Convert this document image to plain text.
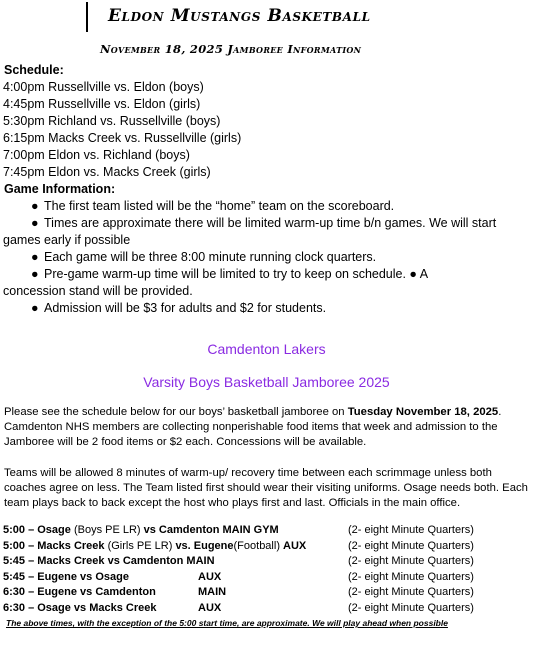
Eldon Mustangs Basketball
November 18, 2025 Jamboree Information
Schedule:
4:00pm Russellville vs. Eldon (boys)
4:45pm Russellville vs. Eldon (girls)
5:30pm Richland vs. Russellville (boys)
6:15pm Macks Creek vs. Russellville (girls)
7:00pm Eldon vs. Richland (boys)
7:45pm Eldon vs. Macks Creek (girls)
Game Information:
● The first team listed will be the “home” team on the scoreboard.
● Times are approximate there will be limited warm-up time b/n games. We will start
games early if possible
● Each game will be three 8:00 minute running clock quarters.
● Pre-game warm-up time will be limited to try to keep on schedule. ● A
concession stand will be provided.
● Admission will be $3 for adults and $2 for students.
Camdenton Lakers
Varsity Boys Basketball Jamboree 2025
Please see the schedule below for our boys’ basketball jamboree on Tuesday November 18, 2025. Camdenton NHS members are collecting nonperishable food items that week and admission to the Jamboree will be 2 food items or $2 each. Concessions will be available.
Teams will be allowed 8 minutes of warm-up/ recovery time between each scrimmage unless both coaches agree on less. The Team listed first should wear their visiting uniforms. Osage needs both. Each team plays back to back except the host who plays first and last. Officials in the main office.
5:00 – Osage (Boys PE LR) vs Camdenton MAIN GYM	(2- eight Minute Quarters)
5:00 – Macks Creek (Girls PE LR) vs. Eugene(Football) AUX	(2- eight Minute Quarters)
5:45 – Macks Creek vs Camdenton MAIN	(2- eight Minute Quarters)
5:45 – Eugene vs Osage	AUX	(2- eight Minute Quarters)
6:30 – Eugene vs Camdenton	MAIN	(2- eight Minute Quarters)
6:30 – Osage vs Macks Creek	AUX	(2- eight Minute Quarters)
The above times, with the exception of the 5:00 start time, are approximate. We will play ahead when possible
